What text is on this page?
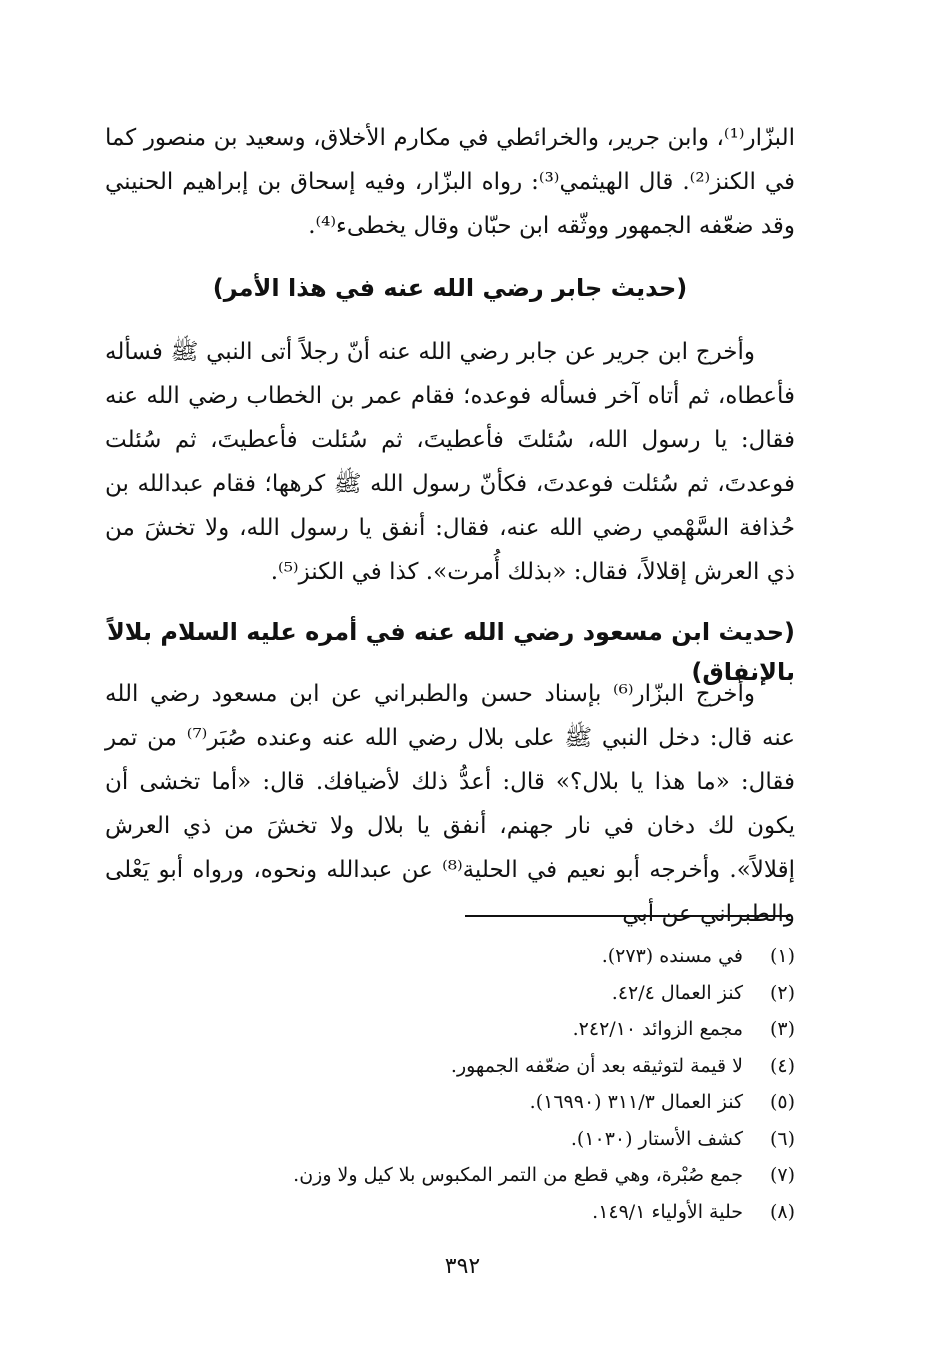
البزّار⁽¹⁾، وابن جرير، والخرائطي في مكارم الأخلاق، وسعيد بن منصور كما في الكنز⁽²⁾. قال الهيثمي⁽³⁾: رواه البزّار، وفيه إسحاق بن إبراهيم الحنيني وقد ضعّفه الجمهور ووثّقه ابن حبّان وقال يخطىء⁽⁴⁾.
(حديث جابر رضي الله عنه في هذا الأمر)
وأخرج ابن جرير عن جابر رضي الله عنه أنّ رجلاً أتى النبي ﷺ فسأله فأعطاه، ثم أتاه آخر فسأله فوعده؛ فقام عمر بن الخطاب رضي الله عنه فقال: يا رسول الله، سُئلتَ فأعطيتَ، ثم سُئلت فأعطيتَ، ثم سُئلت فوعدتَ، ثم سُئلت فوعدتَ، فكأنّ رسول الله ﷺ كرهها؛ فقام عبدالله بن حُذافة السَّهْمي رضي الله عنه، فقال: أنفق يا رسول الله، ولا تخشَ من ذي العرش إقلالاً، فقال: «بذلك أُمرت». كذا في الكنز⁽⁵⁾.
(حديث ابن مسعود رضي الله عنه في أمره عليه السلام بلالاً بالإنفاق)
وأخرج البزّار⁽⁶⁾ بإسناد حسن والطبراني عن ابن مسعود رضي الله عنه قال: دخل النبي ﷺ على بلال رضي الله عنه وعنده صُبَر⁽⁷⁾ من تمر فقال: «ما هذا يا بلال؟» قال: أعدُّ ذلك لأضيافك. قال: «أما تخشى أن يكون لك دخان في نار جهنم، أنفق يا بلال ولا تخشَ من ذي العرش إقلالاً». وأخرجه أبو نعيم في الحلية⁽⁸⁾ عن عبدالله ونحوه، ورواه أبو يَعْلى والطبراني عن أبي
(١)
في مسنده (٢٧٣).
(٢)
كنز العمال ٤٢/٤.
(٣)
مجمع الزوائد ٢٤٢/١٠.
(٤)
لا قيمة لتوثيقه بعد أن ضعّفه الجمهور.
(٥)
كنز العمال ٣١١/٣ (١٦٩٩٠).
(٦)
كشف الأستار (١٠٣٠).
(٧)
جمع صُبْرة، وهي قطع من التمر المكبوس بلا كيل ولا وزن.
(٨)
حلية الأولياء ١٤٩/١.
٣٩٢
